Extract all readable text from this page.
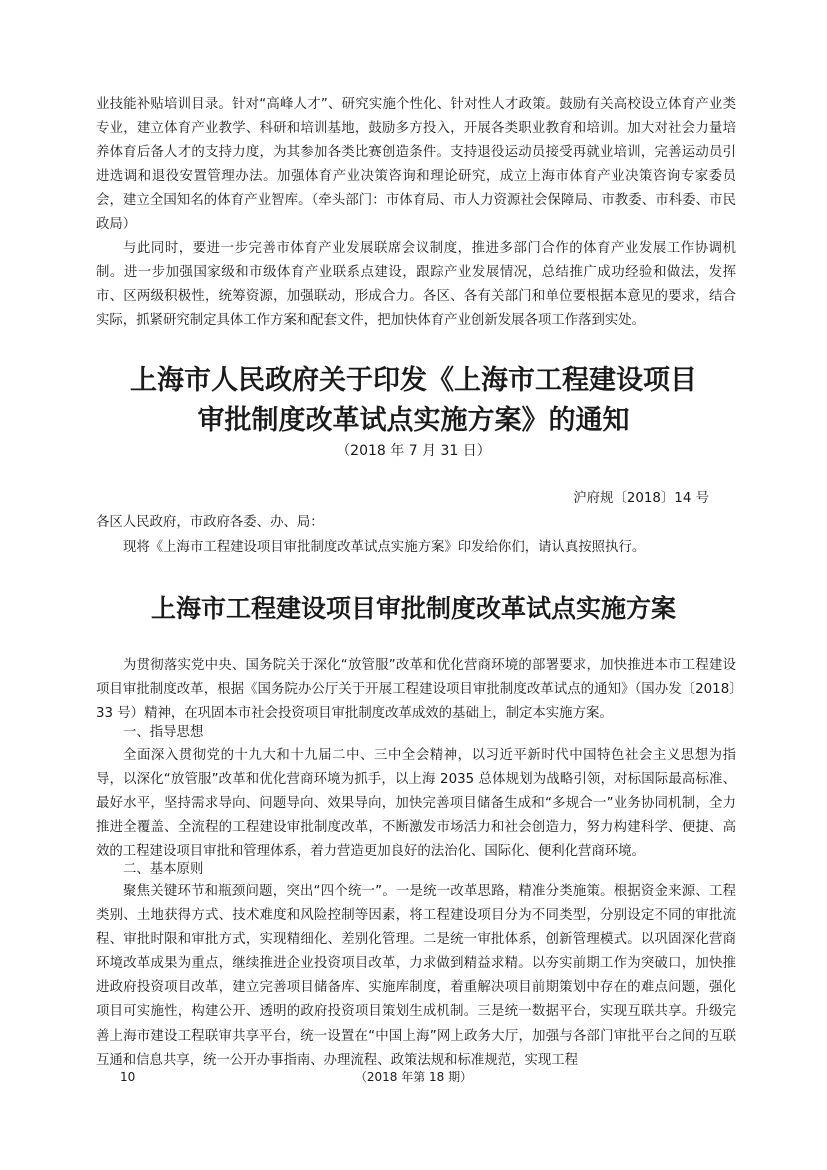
业技能补贴培训目录。针对“高峰人才”、研究实施个性化、针对性人才政策。鼓励有关高校设立体育产业类专业，建立体育产业教学、科研和培训基地，鼓励多方投入，开展各类职业教育和培训。加大对社会力量培养体育后备人才的支持力度，为其参加各类比赛创造条件。支持退役运动员接受再就业培训，完善运动员引进选调和退役安置管理办法。加强体育产业决策咨询和理论研究，成立上海市体育产业决策咨询专家委员会，建立全国知名的体育产业智库。（牵头部门：市体育局、市人力资源社会保障局、市教委、市科委、市民政局）

与此同时，要进一步完善市体育产业发展联席会议制度，推进多部门合作的体育产业发展工作协调机制。进一步加强国家级和市级体育产业联系点建设，跟踪产业发展情况，总结推广成功经验和做法，发挥市、区两级积极性，统筹资源，加强联动，形成合力。各区、各有关部门和单位要根据本意见的要求，结合实际，抓紧研究制定具体工作方案和配套文件，把加快体育产业创新发展各项工作落到实处。

上海市人民政府关于印发《上海市工程建设项目
审批制度改革试点实施方案》的通知

（2018 年 7 月 31 日）

沪府规〔2018〕14 号

各区人民政府，市政府各委、办、局：

现将《上海市工程建设项目审批制度改革试点实施方案》印发给你们，请认真按照执行。

上海市工程建设项目审批制度改革试点实施方案

为贯彻落实党中央、国务院关于深化“放管服”改革和优化营商环境的部署要求，加快推进本市工程建设项目审批制度改革，根据《国务院办公厅关于开展工程建设项目审批制度改革试点的通知》（国办发〔2018〕33 号）精神，在巩固本市社会投资项目审批制度改革成效的基础上，制定本实施方案。

一、指导思想

全面深入贯彻党的十九大和十九届二中、三中全会精神，以习近平新时代中国特色社会主义思想为指导，以深化“放管服”改革和优化营商环境为抓手，以上海 2035 总体规划为战略引领，对标国际最高标准、最好水平，坚持需求导向、问题导向、效果导向，加快完善项目储备生成和“多规合一”业务协同机制，全力推进全覆盖、全流程的工程建设审批制度改革，不断激发市场活力和社会创造力，努力构建科学、便捷、高效的工程建设项目审批和管理体系，着力营造更加良好的法治化、国际化、便利化营商环境。

二、基本原则

聚焦关键环节和瓶颈问题，突出“四个统一”。一是统一改革思路，精准分类施策。根据资金来源、工程类别、土地获得方式、技术难度和风险控制等因素，将工程建设项目分为不同类型，分别设定不同的审批流程、审批时限和审批方式，实现精细化、差别化管理。二是统一审批体系，创新管理模式。以巩固深化营商环境改革成果为重点，继续推进企业投资项目改革，力求做到精益求精。以夯实前期工作为突破口，加快推进政府投资项目改革，建立完善项目储备库、实施库制度，着重解决项目前期策划中存在的难点问题，强化项目可实施性，构建公开、透明的政府投资项目策划生成机制。三是统一数据平台，实现互联共享。升级完善上海市建设工程联审共享平台，统一设置在“中国上海”网上政务大厅，加强与各部门审批平台之间的互联互通和信息共享，统一公开办事指南、办理流程、政策法规和标准规范，实现工程

10	（2018 年第 18 期）
